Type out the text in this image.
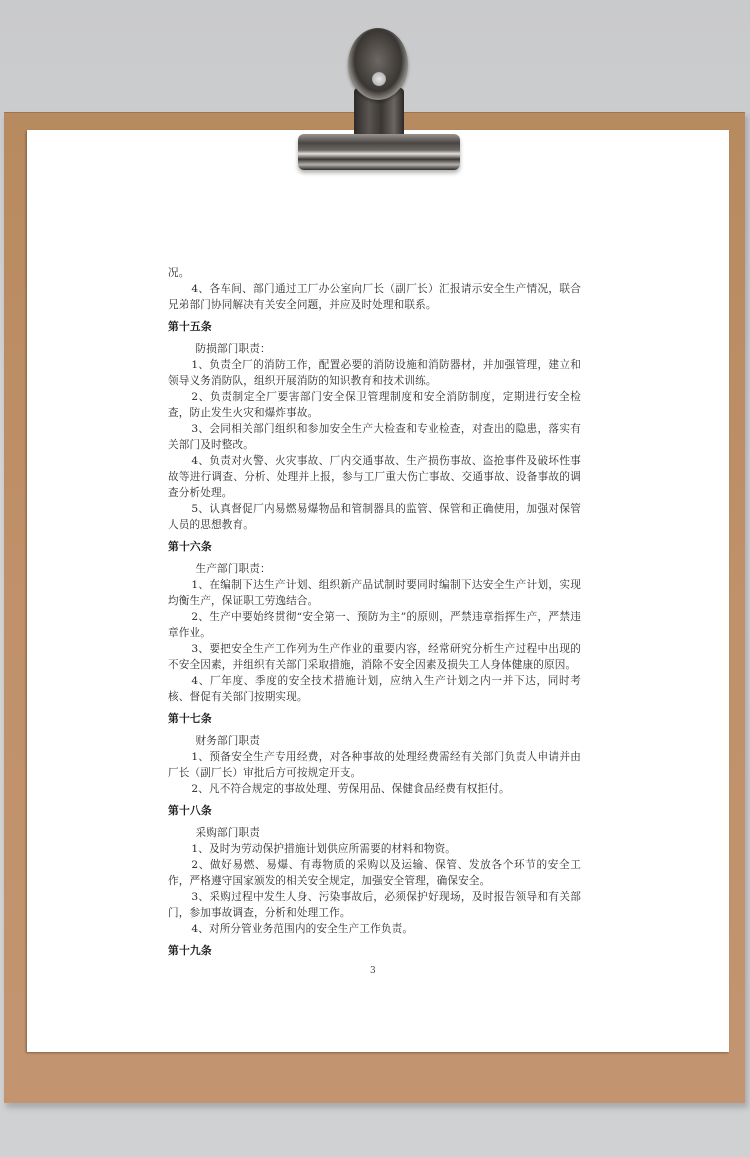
况。

4、各车间、部门通过工厂办公室向厂长（副厂长）汇报请示安全生产情况，联合兄弟部门协同解决有关安全问题，并应及时处理和联系。

第十五条

防损部门职责：

1、负责全厂的消防工作，配置必要的消防设施和消防器材，并加强管理，建立和领导义务消防队，组织开展消防的知识教育和技术训练。

2、负责制定全厂要害部门安全保卫管理制度和安全消防制度，定期进行安全检查，防止发生火灾和爆炸事故。

3、会同相关部门组织和参加安全生产大检查和专业检查，对查出的隐患，落实有关部门及时整改。

4、负责对火警、火灾事故、厂内交通事故、生产损伤事故、盗抢事件及破坏性事故等进行调查、分析、处理并上报，参与工厂重大伤亡事故、交通事故、设备事故的调查分析处理。

5、认真督促厂内易燃易爆物品和管制器具的监管、保管和正确使用，加强对保管人员的思想教育。

第十六条

生产部门职责：

1、在编制下达生产计划、组织新产品试制时要同时编制下达安全生产计划，实现均衡生产，保证职工劳逸结合。

2、生产中要始终贯彻“安全第一、预防为主”的原则，严禁违章指挥生产，严禁违章作业。

3、要把安全生产工作列为生产作业的重要内容，经常研究分析生产过程中出现的不安全因素，并组织有关部门采取措施，消除不安全因素及损失工人身体健康的原因。

4、厂年度、季度的安全技术措施计划，应纳入生产计划之内一并下达，同时考核、督促有关部门按期实现。

第十七条

财务部门职责

1、预备安全生产专用经费，对各种事故的处理经费需经有关部门负责人申请并由厂长（副厂长）审批后方可按规定开支。

2、凡不符合规定的事故处理、劳保用品、保健食品经费有权拒付。

第十八条

采购部门职责

1、及时为劳动保护措施计划供应所需要的材料和物资。

2、做好易燃、易爆、有毒物质的采购以及运输、保管、发放各个环节的安全工作，严格遵守国家颁发的相关安全规定，加强安全管理，确保安全。

3、采购过程中发生人身、污染事故后，必须保护好现场，及时报告领导和有关部门，参加事故调查，分析和处理工作。

4、对所分管业务范围内的安全生产工作负责。

第十九条
3
